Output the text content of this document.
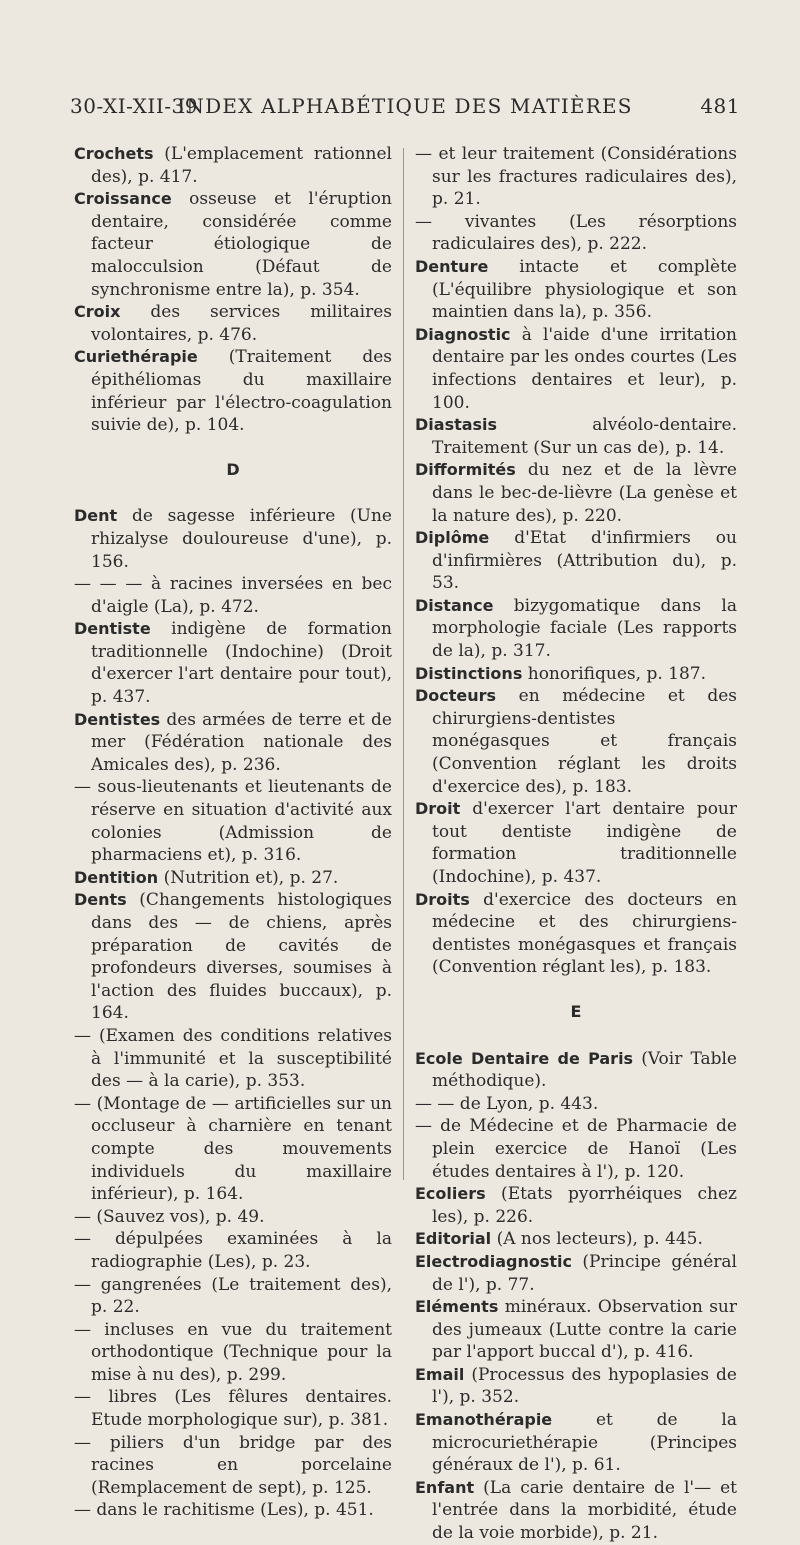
30-XI-XII-39
INDEX ALPHABÉTIQUE DES MATIÈRES	481
Crochets (L'emplacement rationnel des), p. 417.
Croissance osseuse et l'éruption dentaire, considérée comme facteur étiologique de malocculsion (Défaut de synchronisme entre la), p. 354.
Croix des services militaires volontaires, p. 476.
Curiethérapie (Traitement des épithéliomas du maxillaire inférieur par l'électro-coagulation suivie de), p. 104.
D
Dent de sagesse inférieure (Une rhizalyse douloureuse d'une), p. 156.
— — — à racines inversées en bec d'aigle (La), p. 472.
Dentiste indigène de formation traditionnelle (Indochine) (Droit d'exercer l'art dentaire pour tout), p. 437.
Dentistes des armées de terre et de mer (Fédération nationale des Amicales des), p. 236.
— sous-lieutenants et lieutenants de réserve en situation d'activité aux colonies (Admission de pharmaciens et), p. 316.
Dentition (Nutrition et), p. 27.
Dents (Changements histologiques dans des — de chiens, après préparation de cavités de profondeurs diverses, soumises à l'action des fluides buccaux), p. 164.
— (Examen des conditions relatives à l'immunité et la susceptibilité des — à la carie), p. 353.
— (Montage de — artificielles sur un occluseur à charnière en tenant compte des mouvements individuels du maxillaire inférieur), p. 164.
— (Sauvez vos), p. 49.
— dépulpées examinées à la radiographie (Les), p. 23.
— gangrenées (Le traitement des), p. 22.
— incluses en vue du traitement orthodontique (Technique pour la mise à nu des), p. 299.
— libres (Les fêlures dentaires. Etude morphologique sur), p. 381.
— piliers d'un bridge par des racines en porcelaine (Remplacement de sept), p. 125.
— dans le rachitisme (Les), p. 451.
— et leur traitement (Considérations sur les fractures radiculaires des), p. 21.
— vivantes (Les résorptions radiculaires des), p. 222.
Denture intacte et complète (L'équilibre physiologique et son maintien dans la), p. 356.
Diagnostic à l'aide d'une irritation dentaire par les ondes courtes (Les infections dentaires et leur), p. 100.
Diastasis alvéolo-dentaire. Traitement (Sur un cas de), p. 14.
Difformités du nez et de la lèvre dans le bec-de-lièvre (La genèse et la nature des), p. 220.
Diplôme d'Etat d'infirmiers ou d'infirmières (Attribution du), p. 53.
Distance bizygomatique dans la morphologie faciale (Les rapports de la), p. 317.
Distinctions honorifiques, p. 187.
Docteurs en médecine et des chirurgiens-dentistes monégasques et français (Convention réglant les droits d'exercice des), p. 183.
Droit d'exercer l'art dentaire pour tout dentiste indigène de formation traditionnelle (Indochine), p. 437.
Droits d'exercice des docteurs en médecine et des chirurgiens-dentistes monégasques et français (Convention réglant les), p. 183.
E
Ecole Dentaire de Paris (Voir Table méthodique).
— — de Lyon, p. 443.
— de Médecine et de Pharmacie de plein exercice de Hanoï (Les études dentaires à l'), p. 120.
Ecoliers (Etats pyorrhéiques chez les), p. 226.
Editorial (A nos lecteurs), p. 445.
Electrodiagnostic (Principe général de l'), p. 77.
Eléments minéraux. Observation sur des jumeaux (Lutte contre la carie par l'apport buccal d'), p. 416.
Email (Processus des hypoplasies de l'), p. 352.
Emanothérapie et de la microcuriethérapie (Principes généraux de l'), p. 61.
Enfant (La carie dentaire de l'— et l'entrée dans la morbidité, étude de la voie morbide), p. 21.
